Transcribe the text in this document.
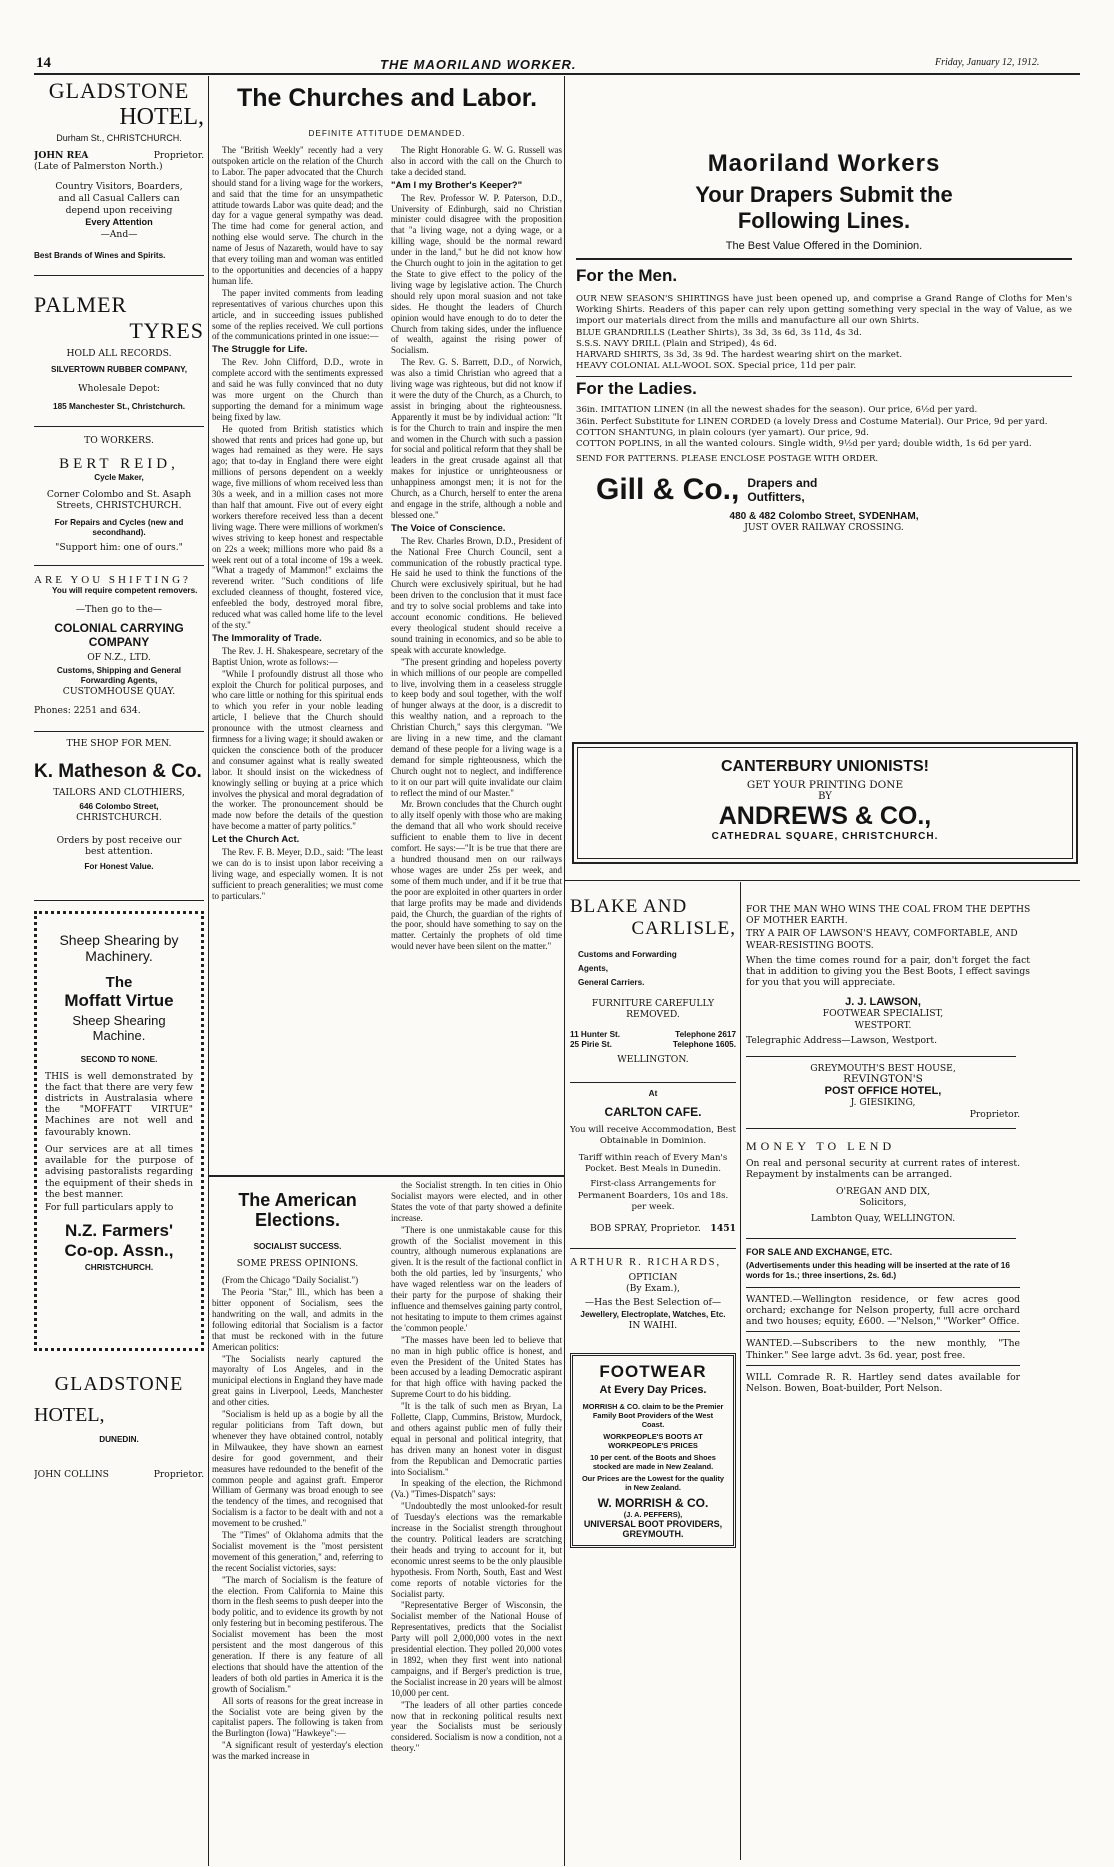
14	THE MAORILAND WORKER.	Friday, January 12, 1912.
GLADSTONE
HOTEL,
Durham St., CHRISTCHURCH.
JOHN REA	Proprietor.
(Late of Palmerston North.)
Country Visitors, Boarders,
and all Casual Callers can
depend upon receiving
Every Attention
—And—
Best Brands of Wines and Spirits.
PALMER
TYRES
HOLD ALL RECORDS.
SILVERTOWN RUBBER COMPANY,
Wholesale Depot:
185 Manchester St., Christchurch.
TO WORKERS.
BERT REID,
Cycle Maker,
Corner Colombo and St. Asaph
Streets, CHRISTCHURCH.
For Repairs and Cycles (new and secondhand).
"Support him: one of ours."
ARE YOU SHIFTING?
You will require competent removers.
—Then go to the—
COLONIAL CARRYING
COMPANY
OF N.Z., LTD.
Customs, Shipping and General Forwarding Agents,
CUSTOMHOUSE QUAY.
Phones: 2251 and 634.
THE SHOP FOR MEN.
K. Matheson & Co.
TAILORS AND CLOTHIERS,
646 Colombo Street,
CHRISTCHURCH.
Orders by post receive our best attention.
For Honest Value.
Sheep Shearing by
Machinery.
The
Moffatt Virtue
Sheep Shearing
Machine.
SECOND TO NONE.
THIS is well demonstrated by the fact that there are very few districts in Australasia where the "MOFFATT VIRTUE" Machines are not well and favourably known.
Our services are at all times available for the purpose of advising pastoralists regarding the equipment of their sheds in the best manner.
For full particulars apply to
N.Z. Farmers'
Co-op. Assn.,
CHRISTCHURCH.
GLADSTONE
HOTEL,
DUNEDIN.
JOHN COLLINS	Proprietor.
The Churches and Labor.
DEFINITE ATTITUDE DEMANDED.

The "British Weekly" recently had a very outspoken article on the relation of the Church to Labor. The paper advocated that the Church should stand for a living wage for the workers, and said that the time for an unsympathetic attitude towards Labor was quite dead; and the day for a vague general sympathy was dead. The time had come for general action, and nothing else would serve. The church in the name of Jesus of Nazareth, would have to say that every toiling man and woman was entitled to the opportunities and decencies of a happy human life.

The paper invited comments from leading representatives of various churches upon this article, and in succeeding issues published some of the replies received. We cull portions of the communications printed in one issue:—

The Struggle for Life.

The Rev. John Clifford, D.D., wrote in complete accord with the sentiments expressed and said he was fully convinced that no duty was more urgent on the Church than supporting the demand for a minimum wage being fixed by law.

He quoted from British statistics which showed that rents and prices had gone up, but wages had remained as they were. He says ago; that to-day in England there were eight millions of persons dependent on a weekly wage, five millions of whom received less than 30s a week, and in a million cases not more than half that amount. Five out of every eight workers therefore received less than a decent living wage. There were millions of workmen's wives striving to keep honest and respectable on 22s a week; millions more who paid 8s a week rent out of a total income of 19s a week. "What a tragedy of Mammon!" exclaims the reverend writer. "Such conditions of life excluded cleanness of thought, fostered vice, enfeebled the body, destroyed moral fibre, reduced what was called home life to the level of the sty."

The Immorality of Trade.

The Rev. J. H. Shakespeare, secretary of the Baptist Union, wrote as follows:—

"While I profoundly distrust all those who exploit the Church for political purposes, and who care little or nothing for this spiritual ends to which you refer in your noble leading article, I believe that the Church should pronounce with the utmost clearness and firmness for a living wage; it should awaken or quicken the conscience both of the producer and consumer against what is really sweated labor. It should insist on the wickedness of knowingly selling or buying at a price which involves the physical and moral degradation of the worker. The pronouncement should be made now before the details of the question have become a matter of party politics."

Let the Church Act.

The Rev. F. B. Meyer, D.D., said: "The least we can do is to insist upon labor receiving a living wage, and especially women. It is not sufficient to preach generalities; we must come to particulars."

The Right Honorable G. W. G. Russell was also in accord with the call on the Church to take a decided stand.

"Am I my Brother's Keeper?"

The Rev. Professor W. P. Paterson, D.D., University of Edinburgh, said no Christian minister could disagree with the proposition that "a living wage, not a dying wage, or a killing wage, should be the normal reward under in the land," but he did not know how the Church ought to join in the agitation to get the State to give effect to the policy of the living wage by legislative action. The Church should rely upon moral suasion and not take sides. He thought the leaders of Church opinion would have enough to do to deter the Church from taking sides, under the influence of wealth, against the rising power of Socialism.

The Rev. G. S. Barrett, D.D., of Norwich, was also a timid Christian who agreed that a living wage was righteous, but did not know if it were the duty of the Church, as a Church, to assist in bringing about the righteousness. Apparently it must be by individual action: "It is for the Church to train and inspire the men and women in the Church with such a passion for social and political reform that they shall be leaders in the great crusade against all that makes for injustice or unrighteousness or unhappiness amongst men; it is not for the Church, as a Church, herself to enter the arena and engage in the strife, although a noble and blessed one."

The Voice of Conscience.

The Rev. Charles Brown, D.D., President of the National Free Church Council, sent a communication of the robustly practical type. He said he used to think the functions of the Church were exclusively spiritual, but he had been driven to the conclusion that it must face and try to solve social problems and take into account economic conditions. He believed every theological student should receive a sound training in economics, and so be able to speak with accurate knowledge.

"The present grinding and hopeless poverty in which millions of our people are compelled to live, involving them in a ceaseless struggle to keep body and soul together, with the wolf of hunger always at the door, is a discredit to this wealthy nation, and a reproach to the Christian Church," says this clergyman. "We are living in a new time, and the clamant demand of these people for a living wage is a demand for simple righteousness, which the Church ought not to neglect, and indifference to it on our part will quite invalidate our claim to reflect the mind of our Master."

Mr. Brown concludes that the Church ought to ally itself openly with those who are making the demand that all who work should receive sufficient to enable them to live in decent comfort. He says:—"It is be true that there are a hundred thousand men on our railways whose wages are under 25s per week, and some of them much under, and if it be true that the poor are exploited in other quarters in order that large profits may be made and dividends paid, the Church, the guardian of the rights of the poor, should have something to say on the matter. Certainly the prophets of old time would never have been silent on the matter."

The American Elections.
SOCIALIST SUCCESS.
SOME PRESS OPINIONS.

(From the Chicago "Daily Socialist.")

The Peoria "Star," Ill., which has been a bitter opponent of Socialism, sees the handwriting on the wall, and admits in the following editorial that Socialism is a factor that must be reckoned with in the future American politics:

"The Socialists nearly captured the mayoralty of Los Angeles, and in the municipal elections in England they have made great gains in Liverpool, Leeds, Manchester and other cities.

"Socialism is held up as a bogie by all the regular politicians from Taft down, but whenever they have obtained control, notably in Milwaukee, they have shown an earnest desire for good government, and their measures have redounded to the benefit of the common people and against graft. Emperor William of Germany was broad enough to see the tendency of the times, and recognised that Socialism is a factor to be dealt with and not a movement to be crushed."

The "Times" of Oklahoma admits that the Socialist movement is the "most persistent movement of this generation," and, referring to the recent Socialist victories, says:

"The march of Socialism is the feature of the election. From California to Maine this thorn in the flesh seems to push deeper into the body politic, and to evidence its growth by not only festering but in becoming pestiferous. The Socialist movement has been the most persistent and the most dangerous of this generation. If there is any feature of all elections that should have the attention of the leaders of both old parties in America it is the growth of Socialism."

All sorts of reasons for the great increase in the Socialist vote are being given by the capitalist papers. The following is taken from the Burlington (Iowa) "Hawkeye":—

"A significant result of yesterday's election was the marked increase in

the Socialist strength. In ten cities in Ohio Socialist mayors were elected, and in other States the vote of that party showed a definite increase.

"There is one unmistakable cause for this growth of the Socialist movement in this country, although numerous explanations are given. It is the result of the factional conflict in both the old parties, led by 'insurgents,' who have waged relentless war on the leaders of their party for the purpose of shaking their influence and themselves gaining party control, not hesitating to impute to them crimes against the 'common people.'

"The masses have been led to believe that no man in high public office is honest, and even the President of the United States has been accused by a leading Democratic aspirant for that high office with having packed the Supreme Court to do his bidding.

"It is the talk of such men as Bryan, La Follette, Clapp, Cummins, Bristow, Murdock, and others against public men of fully their equal in personal and political integrity, that has driven many an honest voter in disgust from the Republican and Democratic parties into Socialism."

In speaking of the election, the Richmond (Va.) "Times-Dispatch" says:

"Undoubtedly the most unlooked-for result of Tuesday's elections was the remarkable increase in the Socialist strength throughout the country. Political leaders are scratching their heads and trying to account for it, but economic unrest seems to be the only plausible hypothesis. From North, South, East and West come reports of notable victories for the Socialist party.

"Representative Berger of Wisconsin, the Socialist member of the National House of Representatives, predicts that the Socialist Party will poll 2,000,000 votes in the next presidential election. They polled 20,000 votes in 1892, when they first went into national campaigns, and if Berger's prediction is true, the Socialist increase in 20 years will be almost 10,000 per cent.

"The leaders of all other parties concede now that in reckoning political results next year the Socialists must be seriously considered. Socialism is now a condition, not a theory."

Maoriland Workers
Your Drapers Submit the
Following Lines.
The Best Value Offered in the Dominion.
For the Men.
OUR NEW SEASON'S SHIRTINGS have just been opened up, and comprise a Grand Range of Cloths for Men's Working Shirts. Readers of this paper can rely upon getting something very special in the way of Value, as we import our materials direct from the mills and manufacture all our own Shirts.
BLUE GRANDRILLS (Leather Shirts), 3s 3d, 3s 6d, 3s 11d, 4s 3d.
S.S.S. NAVY DRILL (Plain and Striped), 4s 6d.
HARVARD SHIRTS, 3s 3d, 3s 9d. The hardest wearing shirt on the market.
HEAVY COLONIAL ALL-WOOL SOX. Special price, 11d per pair.
For the Ladies.
36in. IMITATION LINEN (in all the newest shades for the season). Our price, 6½d per yard.
36in. Perfect Substitute for LINEN CORDED (a lovely Dress and Costume Material). Our Price, 9d per yard.
COTTON SHANTUNG, in plain colours (yer yamart). Our price, 9d.
COTTON POPLINS, in all the wanted colours. Single width, 9½d per yard; double width, 1s 6d per yard.
SEND FOR PATTERNS. PLEASE ENCLOSE POSTAGE WITH ORDER.
Gill & Co., Drapers and
Outfitters,
480 & 482 Colombo Street, SYDENHAM,
JUST OVER RAILWAY CROSSING.
CANTERBURY UNIONISTS!
GET YOUR PRINTING DONE
BY
ANDREWS & CO.,
CATHEDRAL SQUARE, CHRISTCHURCH.
BLAKE AND
CARLISLE,
Customs and Forwarding
Agents,
General Carriers.
FURNITURE CAREFULLY REMOVED.
11 Hunter St.	Telephone 2617
25 Pirie St.	Telephone 1605.
WELLINGTON.
At
CARLTON CAFE.
You will receive Accommodation, Best Obtainable in Dominion.
Tariff within reach of Every Man's Pocket. Best Meals in Dunedin.
First-class Arrangements for Permanent Boarders, 10s and 18s. per week.
BOB SPRAY, Proprietor. 1451
ARTHUR R. RICHARDS,
OPTICIAN
(By Exam.),
—Has the Best Selection of—
Jewellery, Electroplate, Watches, Etc.
IN WAIHI.
FOOTWEAR
At Every Day Prices.
MORRISH & CO. claim to be the Premier Family Boot Providers of the West Coast.
WORKPEOPLE'S BOOTS AT WORKPEOPLE'S PRICES
10 per cent. of the Boots and Shoes stocked are made in New Zealand.
Our Prices are the Lowest for the quality in New Zealand.
W. MORRISH & CO.
(J. A. PEFFERS),
UNIVERSAL BOOT PROVIDERS,
GREYMOUTH.
FOR THE MAN WHO WINS THE COAL FROM THE DEPTHS OF MOTHER EARTH.
TRY A PAIR OF LAWSON'S HEAVY, COMFORTABLE, AND WEAR-RESISTING BOOTS.
When the time comes round for a pair, don't forget the fact that in addition to giving you the Best Boots, I effect savings for you that you will appreciate.
J. J. LAWSON,
FOOTWEAR SPECIALIST,
WESTPORT.
Telegraphic Address—Lawson, Westport.
GREYMOUTH'S BEST HOUSE,
REVINGTON'S
POST OFFICE HOTEL,
J. GIESIKING,
Proprietor.
MONEY TO LEND
On real and personal security at current rates of interest. Repayment by instalments can be arranged.
O'REGAN AND DIX,
Solicitors,
Lambton Quay, WELLINGTON.
FOR SALE AND EXCHANGE, ETC.
(Advertisements under this heading will be inserted at the rate of 16 words for 1s.; three insertions, 2s. 6d.)
WANTED.—Wellington residence, or few acres good orchard; exchange for Nelson property, full acre orchard and two houses; equity, £600. —"Nelson," "Worker" Office.
WANTED.—Subscribers to the new monthly, "The Thinker." See large advt. 3s 6d. year, post free.
WILL Comrade R. R. Hartley send dates available for Nelson. Bowen, Boat-builder, Port Nelson.
